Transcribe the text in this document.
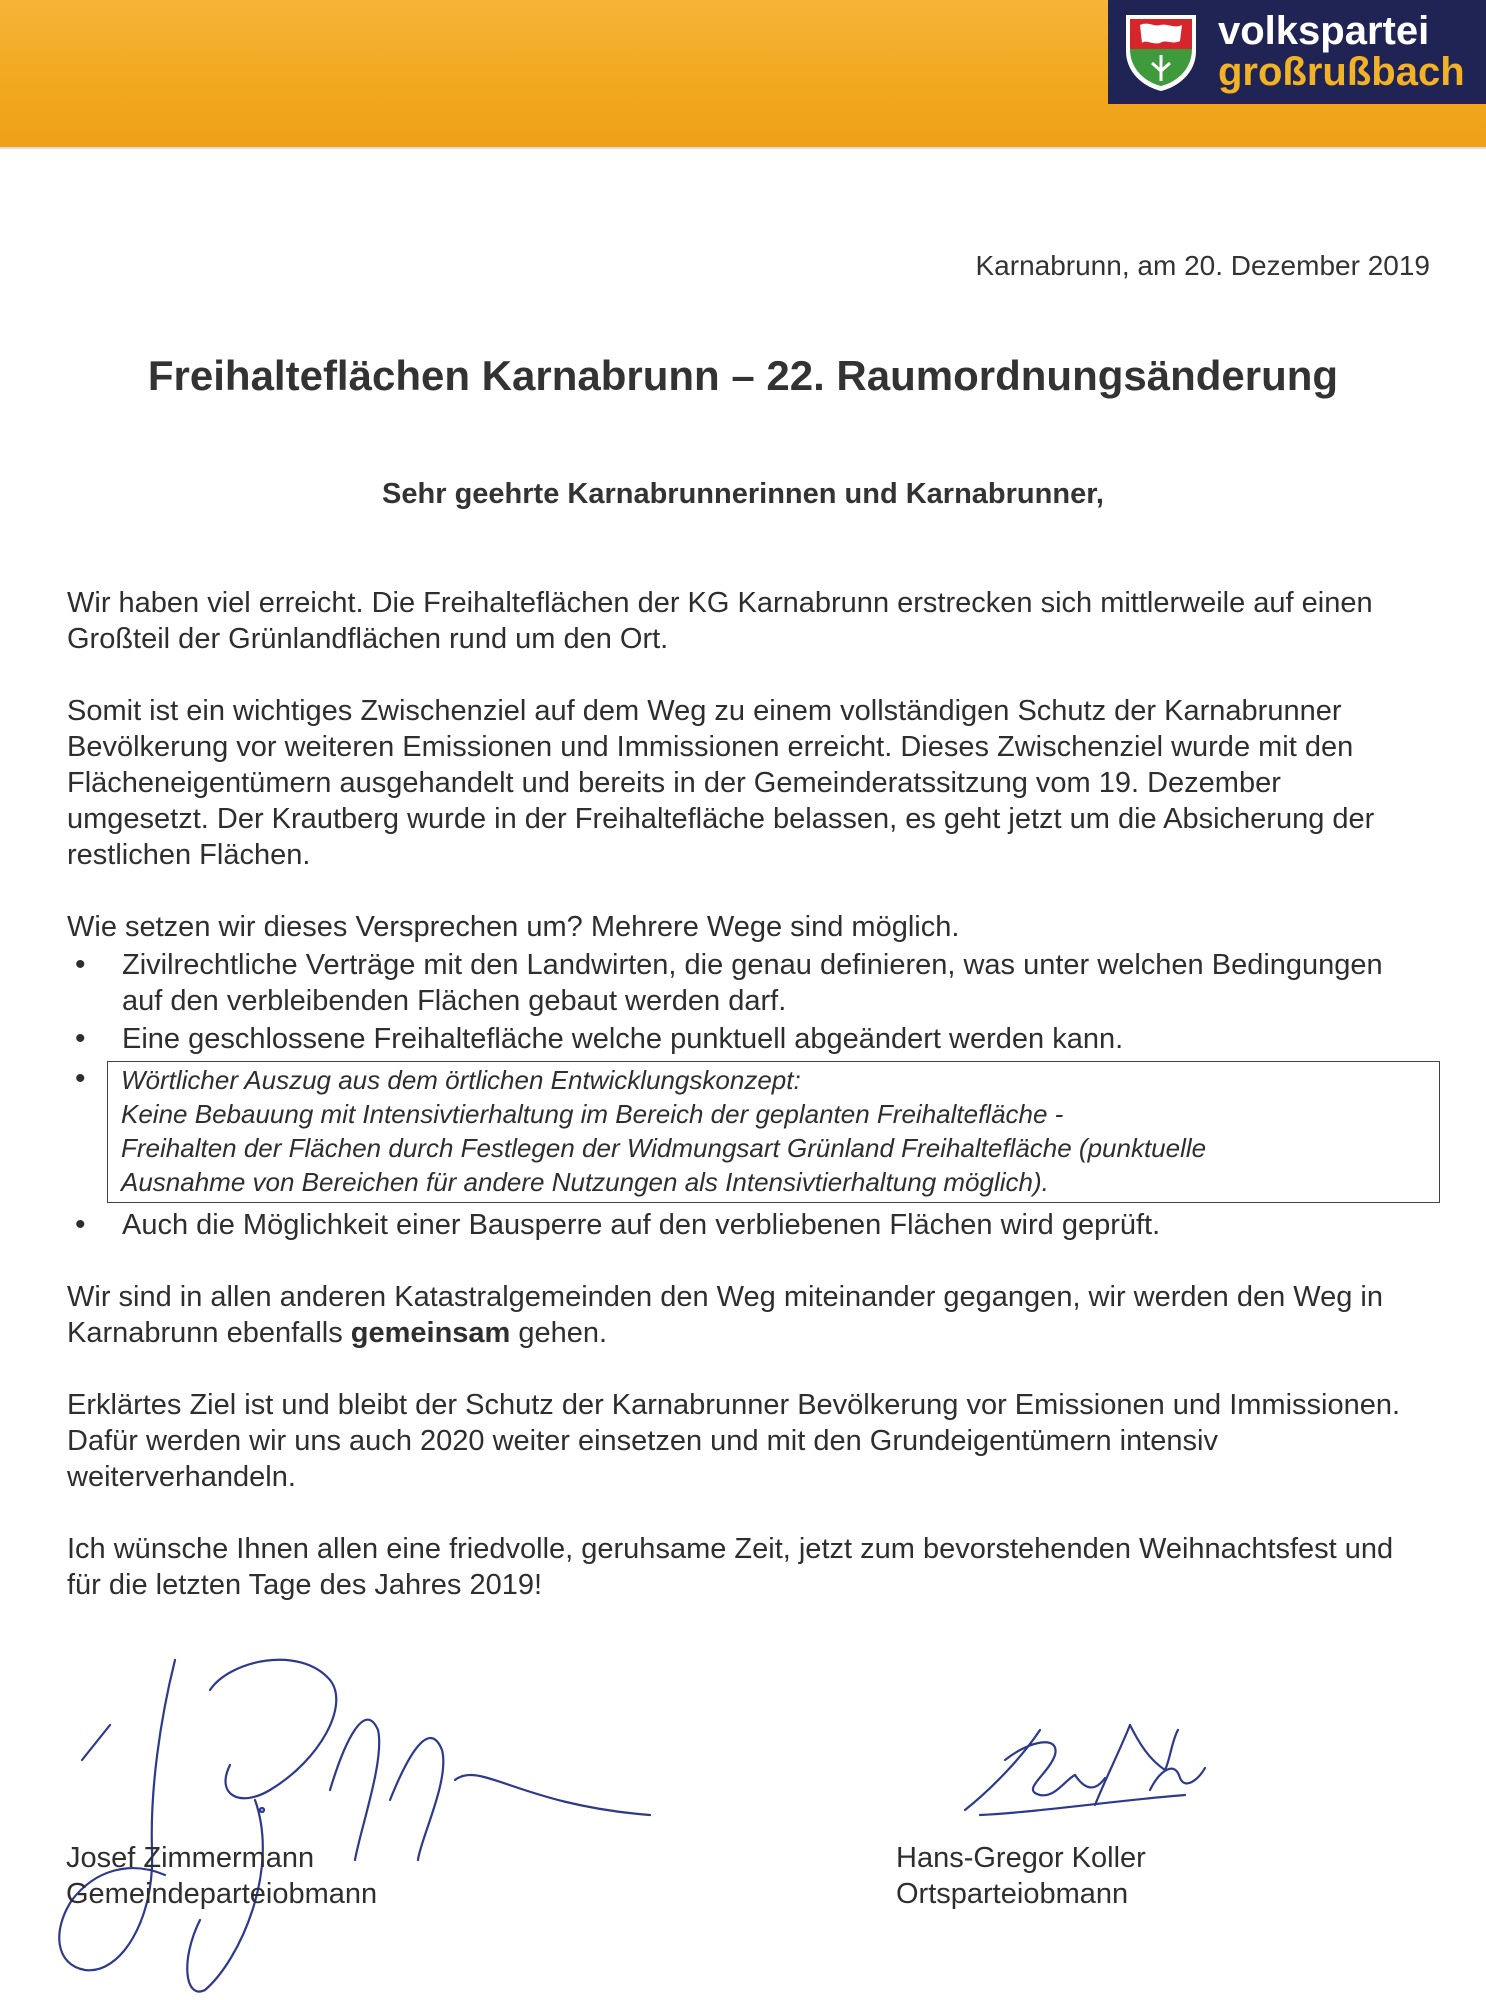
volkspartei
großrußbach
Karnabrunn, am 20. Dezember 2019
Freihalteflächen Karnabrunn – 22. Raumordnungsänderung

Sehr geehrte Karnabrunnerinnen und Karnabrunner,

Wir haben viel erreicht. Die Freihalteflächen der KG Karnabrunn erstrecken sich mittlerweile auf einen Großteil der Grünlandflächen rund um den Ort.

Somit ist ein wichtiges Zwischenziel auf dem Weg zu einem vollständigen Schutz der Karnabrunner Bevölkerung vor weiteren Emissionen und Immissionen erreicht. Dieses Zwischenziel wurde mit den Flächeneigentümern ausgehandelt und bereits in der Gemeinderatssitzung vom 19. Dezember umgesetzt. Der Krautberg wurde in der Freihaltefläche belassen, es geht jetzt um die Absicherung der restlichen Flächen.

Wie setzen wir dieses Versprechen um? Mehrere Wege sind möglich.

• Zivilrechtliche Verträge mit den Landwirten, die genau definieren, was unter welchen Bedingungen auf den verbleibenden Flächen gebaut werden darf.
• Eine geschlossene Freihaltefläche welche punktuell abgeändert werden kann.
• Wörtlicher Auszug aus dem örtlichen Entwicklungskonzept:
Keine Bebauung mit Intensivtierhaltung im Bereich der geplanten Freihaltefläche -
Freihalten der Flächen durch Festlegen der Widmungsart Grünland Freihaltefläche (punktuelle
Ausnahme von Bereichen für andere Nutzungen als Intensivtierhaltung möglich).
• Auch die Möglichkeit einer Bausperre auf den verbliebenen Flächen wird geprüft.

Wir sind in allen anderen Katastralgemeinden den Weg miteinander gegangen, wir werden den Weg in Karnabrunn ebenfalls gemeinsam gehen.

Erklärtes Ziel ist und bleibt der Schutz der Karnabrunner Bevölkerung vor Emissionen und Immissionen. Dafür werden wir uns auch 2020 weiter einsetzen und mit den Grundeigentümern intensiv weiterverhandeln.

Ich wünsche Ihnen allen eine friedvolle, geruhsame Zeit, jetzt zum bevorstehenden Weihnachtsfest und für die letzten Tage des Jahres 2019!

Josef Zimmermann
Gemeindeparteiobmann
Hans-Gregor Koller
Ortsparteiobmann
